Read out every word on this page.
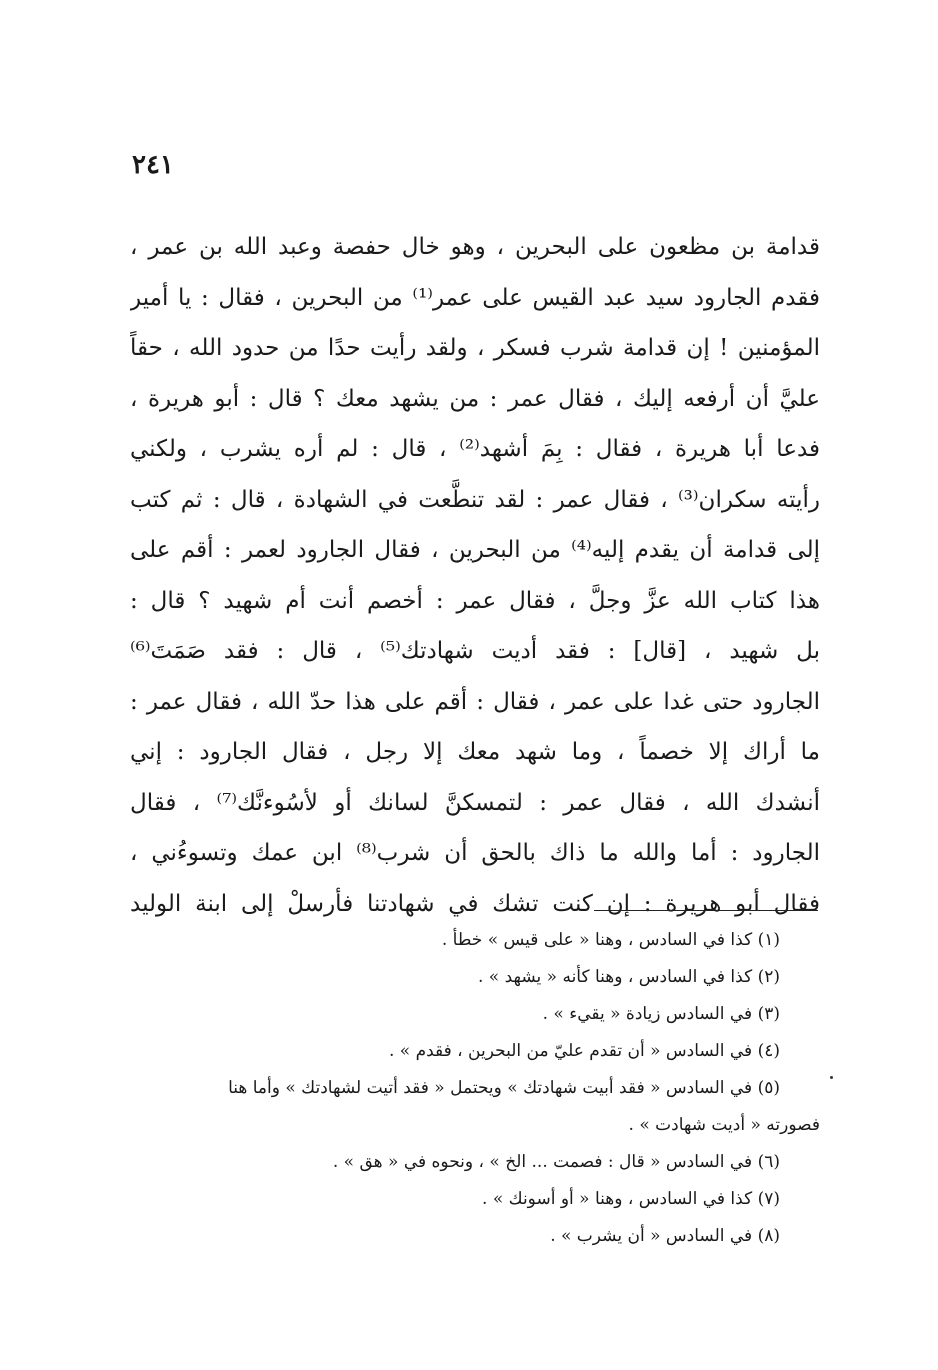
٢٤١
قدامة بن مظعون على البحرين ، وهو خال حفصة وعبد الله بن عمر ،
فقدم الجارود سيد عبد القيس على عمر⁽¹⁾ من البحرين ، فقال : يا أمير
المؤمنين ! إن قدامة شرب فسكر ، ولقد رأيت حدًا من حدود الله ، حقاً
عليَّ أن أرفعه إليك ، فقال عمر : من يشهد معك ؟ قال : أبو هريرة ،
فدعا أبا هريرة ، فقال : بِمَ أشهد⁽²⁾ ، قال : لم أره يشرب ، ولكني
رأيته سكران⁽³⁾ ، فقال عمر : لقد تنطَّعت في الشهادة ، قال : ثم كتب
إلى قدامة أن يقدم إليه⁽⁴⁾ من البحرين ، فقال الجارود لعمر : أقم على
هذا كتاب الله عزَّ وجلَّ ، فقال عمر : أخصم أنت أم شهيد ؟ قال :
بل شهيد ، [قال] : فقد أديت شهادتك⁽⁵⁾ ، قال : فقد صَمَتَ⁽⁶⁾
الجارود حتى غدا على عمر ، فقال : أقم على هذا حدّ الله ، فقال عمر :
ما أراك إلا خصماً ، وما شهد معك إلا رجل ، فقال الجارود : إني
أنشدك الله ، فقال عمر : لتمسكنَّ لسانك أو لأسُوءنَّك⁽⁷⁾ ، فقال
الجارود : أما والله ما ذاك بالحق أن شرب⁽⁸⁾ ابن عمك وتسوءُني ،
فقال أبو هريرة : إن كنت تشك في شهادتنا فأرسلْ إلى ابنة الوليد
(١) كذا في السادس ، وهنا « على قيس » خطأ .
(٢) كذا في السادس ، وهنا كأنه « يشهد » .
(٣) في السادس زيادة « يقيء » .
(٤) في السادس « أن تقدم عليّ من البحرين ، فقدم » .
(٥) في السادس « فقد أبيت شهادتك » ويحتمل « فقد أتيت لشهادتك » وأما هنا
فصورته « أديت شهادت » .
(٦) في السادس « قال : فصمت ... الخ » ، ونحوه في « هق » .
(٧) كذا في السادس ، وهنا « أو أسونك » .
(٨) في السادس « أن يشرب » .
